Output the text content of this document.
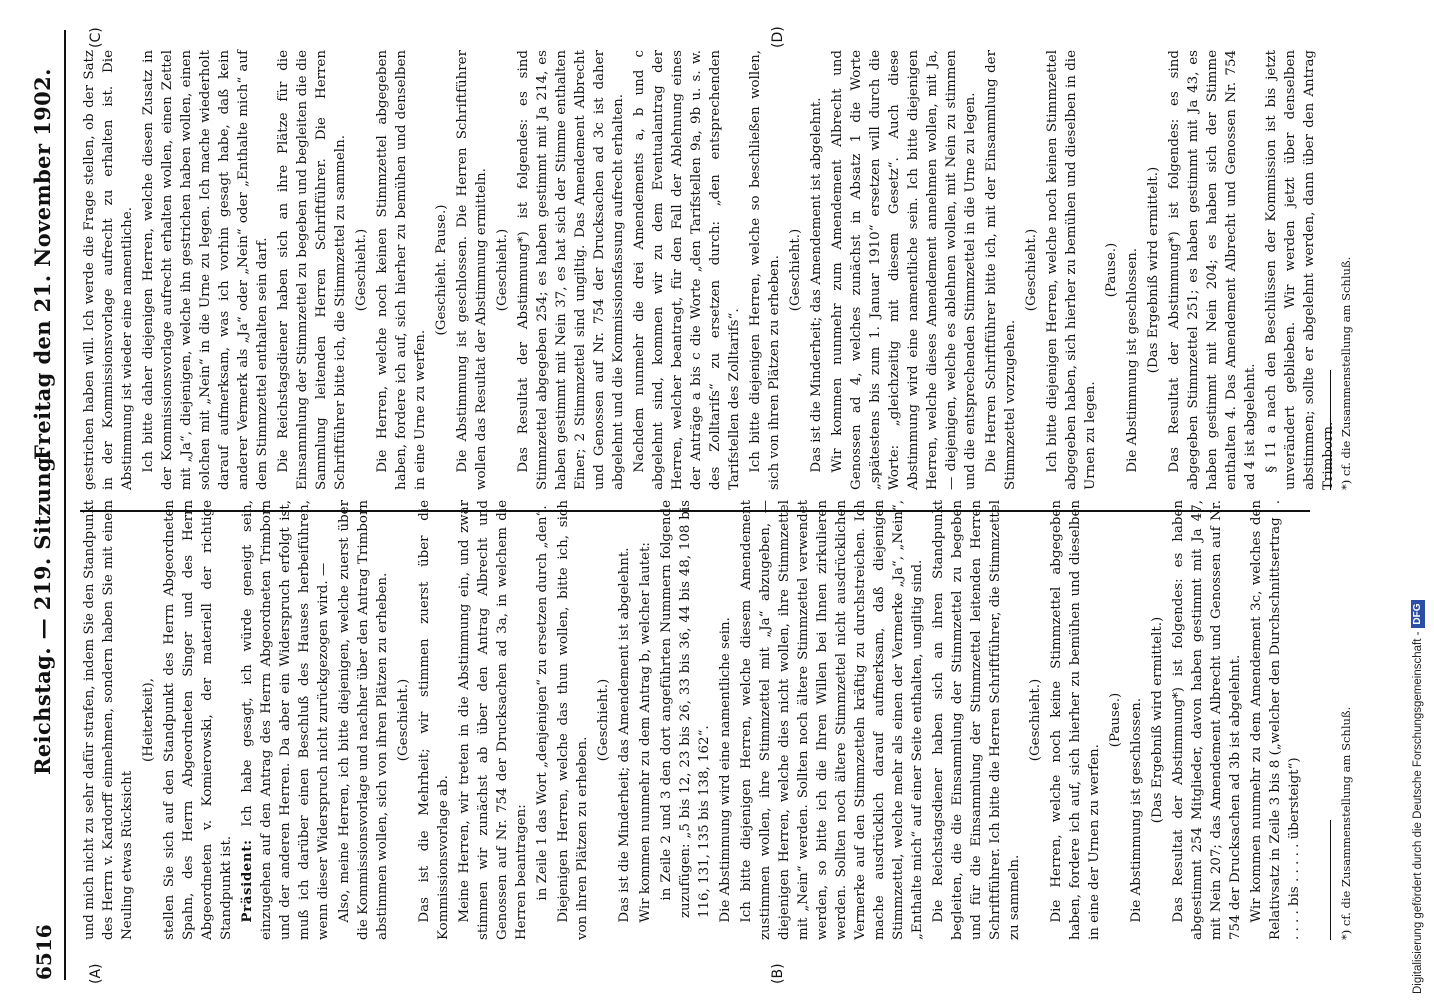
6516
Reichstag. — 219. Sitzung.
Freitag den 21. November 1902.
(A)	(B)
(C)	(D)

und mich nicht zu sehr dafür strafen, indem Sie den Standpunkt des Herrn v. Kardorff einnehmen, sondern haben Sie mit einem Neuling etwas Rücksicht

(Heiterkeit), stellen Sie sich auf den Standpunkt des Herrn Abgeordneten Spahn, des Herrn Abgeordneten Singer und des Herrn Abgeordneten v. Komierowski, der materiell der richtige Standpunkt ist. Präsident: Ich habe gesagt, ich würde geneigt sein, einzugehen auf den Antrag des Herrn Abgeordneten Trimborn und der anderen Herren. Da aber ein Widerspruch erfolgt ist, muß ich darüber einen Beschluß des Hauses herbeiführen, wenn dieser Widerspruch nicht zurückgezogen wird. — Also, meine Herren, ich bitte diejenigen, welche zuerst über die Kommissionsvorlage und nachher über den Antrag Trimborn abstimmen wollen, sich von ihren Plätzen zu erheben. (Geschieht.) Das ist die Mehrheit; wir stimmen zuerst über die Kommissionsvorlage ab. Meine Herren, wir treten in die Abstimmung ein, und zwar stimmen wir zunächst ab über den Antrag Albrecht und Genossen auf Nr. 754 der Drucksachen ad 3a, in welchem die Herren beantragen: in Zeile 1 das Wort „denjenigen“ zu ersetzen durch „den“. Diejenigen Herren, welche das thun wollen, bitte ich, sich von ihren Plätzen zu erheben.

(Geschieht.) Das ist die Minderheit; das Amendement ist abgelehnt. Wir kommen nunmehr zu dem Antrag b, welcher lautet: in Zeile 2 und 3 den dort angeführten Nummern folgende zuzufügen: „5 bis 12, 23 bis 26, 33 bis 36, 44 bis 48, 108 bis 116, 131, 135 bis 138, 162“. Die Abstimmung wird eine namentliche sein. Ich bitte diejenigen Herren, welche diesem Amendement zustimmen wollen, ihre Stimmzettel mit „Ja“ abzugeben, — diejenigen Herren, welche dies nicht wollen, ihre Stimmzettel mit „Nein“ werden. Sollten noch ältere Stimmzettel verwendet werden, so bitte ich die Ihren Willen bei Ihnen zirkulieren werden. Sollten noch ältere Stimmzettel nicht ausdrücklichen Vermerke auf den Stimmzetteln kräftig zu durchstreichen. Ich mache ausdrücklich darauf aufmerksam, daß diejenigen Stimmzettel, welche mehr als einen der Vermerke „Ja“, „Nein“, „Enthalte mich“ auf einer Seite enthalten, ungiltig sind. Die Reichstagsdiener haben sich an ihren Standpunkt begleiten, die die Einsammlung der Stimmzettel zu begeben und für die Einsammlung der Stimmzettel leitenden Herren Schriftführer. Ich bitte die Herren Schriftführer, die Stimmzettel zu sammeln.

(Geschieht.) Die Herren, welche noch keine Stimmzettel abgegeben haben, fordere ich auf, sich hierher zu bemühen und dieselben in eine der Urnen zu werfen.

(Pause.) Die Abstimmung ist geschlossen. (Das Ergebniß wird ermittelt.) Das Resultat der Abstimmung*) ist folgendes: es haben abgestimmt 254 Mitglieder, davon haben gestimmt mit Ja 47, mit Nein 207; das Amendement Albrecht und Genossen auf Nr. 754 der Drucksachen ad 3b ist abgelehnt. Wir kommen nunmehr zu dem Amendement 3c, welches den Relativsatz in Zeile 3 bis 8 („welcher den Durchschnittsertrag . . . . . . bis . . . . . übersteigt“)

gestrichen haben will. Ich werde die Frage stellen, ob der Satz in der Kommissionsvorlage aufrecht zu erhalten ist. Die Abstimmung ist wieder eine namentliche. Ich bitte daher diejenigen Herren, welche diesen Zusatz in der Kommissionsvorlage aufrecht erhalten wollen, einen Zettel mit „Ja“, diejenigen, welche ihn gestrichen haben wollen, einen solchen mit „Nein“ in die Urne zu legen. Ich mache wiederholt darauf aufmerksam, was ich vorhin gesagt habe, daß kein anderer Vermerk als „Ja“ oder „Nein“ oder „Enthalte mich“ auf dem Stimmzettel enthalten sein darf. Die Reichstagsdiener haben sich an ihre Plätze für die Einsammlung der Stimmzettel zu begeben und begleiten die die Sammlung leitenden Herren Schriftführer. Die Herren Schriftführer bitte ich, die Stimmzettel zu sammeln. (Geschieht.) Die Herren, welche noch keinen Stimmzettel abgegeben haben, fordere ich auf, sich hierher zu bemühen und denselben in eine Urne zu werfen.

(Geschieht. Pause.) Die Abstimmung ist geschlossen. Die Herren Schriftführer wollen das Resultat der Abstimmung ermitteln. (Geschieht.) Das Resultat der Abstimmung*) ist folgendes: es sind Stimmzettel abgegeben 254; es haben gestimmt mit Ja 214, es haben gestimmt mit Nein 37, es hat sich der Stimme enthalten Einer; 2 Stimmzettel sind ungiltig. Das Amendement Albrecht und Genossen auf Nr. 754 der Drucksachen ad 3c ist daher abgelehnt und die Kommissionsfassung aufrecht erhalten. Nachdem nunmehr die drei Amendements a, b und c abgelehnt sind, kommen wir zu dem Eventualantrag der Herren, welcher beantragt, für den Fall der Ablehnung eines der Anträge a bis c die Worte „den Tarifstellen 9a, 9b u. s. w. des Zolltarifs“ zu ersetzen durch: „den entsprechenden Tarifstellen des Zolltarifs“. Ich bitte diejenigen Herren, welche so beschließen wollen, sich von ihren Plätzen zu erheben. (Geschieht.) Das ist die Minderheit; das Amendement ist abgelehnt. Wir kommen nunmehr zum Amendement Albrecht und Genossen ad 4, welches zunächst in Absatz 1 die Worte „spätestens bis zum 1. Januar 1910“ ersetzen will durch die Worte: „gleichzeitig mit diesem Gesetz“. Auch diese Abstimmung wird eine namentliche sein. Ich bitte diejenigen Herren, welche dieses Amendement annehmen wollen, mit Ja, — diejenigen, welche es ablehnen wollen, mit Nein zu stimmen und die entsprechenden Stimmzettel in die Urne zu legen. Die Herren Schriftführer bitte ich, mit der Einsammlung der Stimmzettel vorzugehen.

(Geschieht.) Ich bitte diejenigen Herren, welche noch keinen Stimmzettel abgegeben haben, sich hierher zu bemühen und dieselben in die Urnen zu legen.

(Pause.) Die Abstimmung ist geschlossen. (Das Ergebniß wird ermittelt.) Das Resultat der Abstimmung*) ist folgendes: es sind abgegeben Stimmzettel 251; es haben gestimmt mit Ja 43, es haben gestimmt mit Nein 204; es haben sich der Stimme enthalten 4. Das Amendement Albrecht und Genossen Nr. 754 ad 4 ist abgelehnt. § 11 a nach den Beschlüssen der Kommission ist bis jetzt unverändert geblieben. Wir werden jetzt über denselben abstimmen; sollte er abgelehnt werden, dann über den Antrag Trimborn.

*) cf. die Zusammenstellung am Schluß.
*) cf. die Zusammenstellung am Schluß.
Digitalisierung gefördert durch die Deutsche Forschungsgemeinschaft -DFG
